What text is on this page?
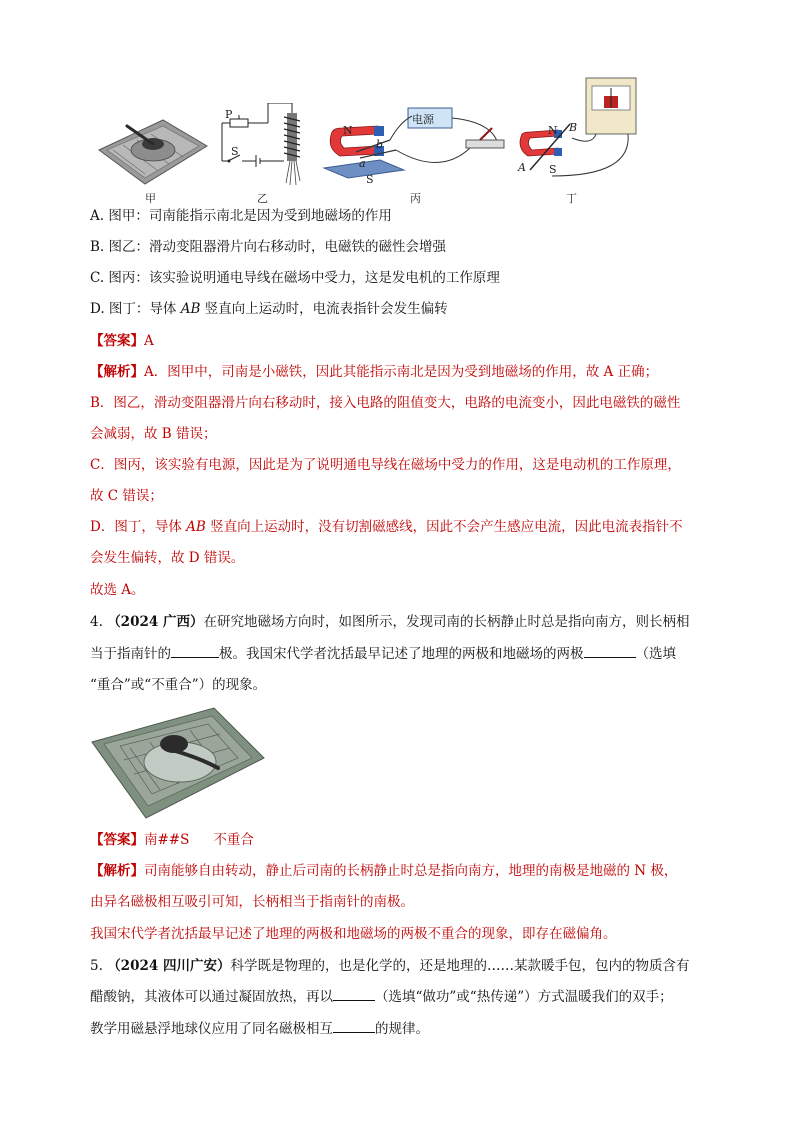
甲
P
S
乙
N
b
a
S
电源
丙
N B
A S
丁
A. 图甲：司南能指示南北是因为受到地磁场的作用
B. 图乙：滑动变阻器滑片向右移动时，电磁铁的磁性会增强
C. 图丙：该实验说明通电导线在磁场中受力，这是发电机的工作原理
D. 图丁：导体 AB 竖直向上运动时，电流表指针会发生偏转
【答案】A
【解析】A．图甲中，司南是小磁铁，因此其能指示南北是因为受到地磁场的作用，故 A 正确；
B．图乙，滑动变阻器滑片向右移动时，接入电路的阻值变大，电路的电流变小，因此电磁铁的磁性
会减弱，故 B 错误；
C．图丙，该实验有电源，因此是为了说明通电导线在磁场中受力的作用，这是电动机的工作原理，
故 C 错误；
D．图丁，导体 AB 竖直向上运动时，没有切割磁感线，因此不会产生感应电流，因此电流表指针不
会发生偏转，故 D 错误。
故选 A。
4. （2024 广西）在研究地磁场方向时，如图所示，发现司南的长柄静止时总是指向南方，则长柄相
当于指南针的	极。我国宋代学者沈括最早记述了地理的两极和地磁场的两极	（选填
“重合”或“不重合”）的现象。
【答案】南##S 不重合
【解析】司南能够自由转动，静止后司南的长柄静止时总是指向南方，地理的南极是地磁的 N 极，
由异名磁极相互吸引可知，长柄相当于指南针的南极。
我国宋代学者沈括最早记述了地理的两极和地磁场的两极不重合的现象，即存在磁偏角。
5. （2024 四川广安）科学既是物理的，也是化学的，还是地理的……某款暖手包，包内的物质含有
醋酸钠，其液体可以通过凝固放热，再以	（选填“做功”或“热传递”）方式温暖我们的双手；
教学用磁悬浮地球仪应用了同名磁极相互	的规律。
